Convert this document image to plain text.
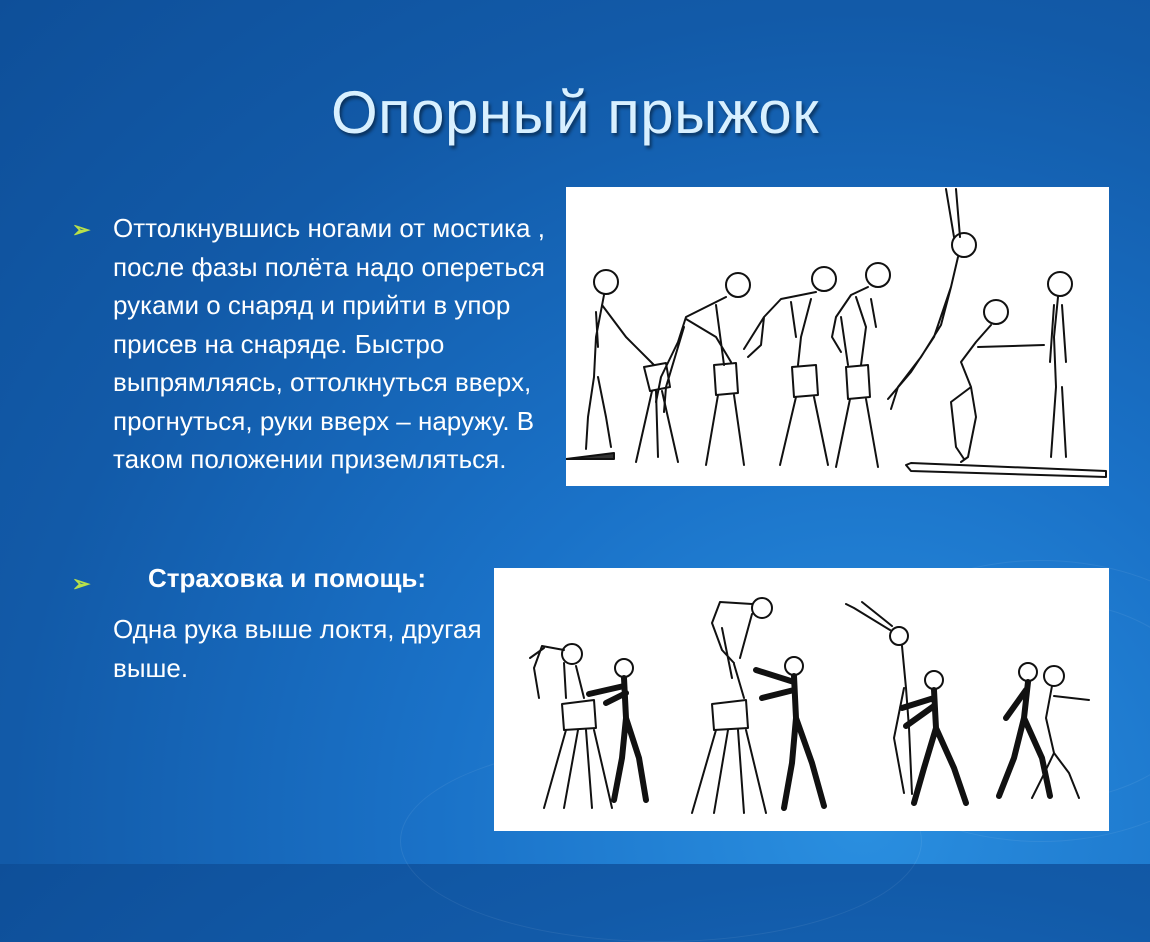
Опорный прыжок
➢ Оттолкнувшись ногами от мостика , после фазы полёта надо опереться руками о снаряд и прийти в упор присев на снаряде. Быстро выпрямляясь, оттолкнуться вверх, прогнуться, руки вверх – наружу. В таком положении приземляться.
➢ Страховка и помощь:
Одна рука выше локтя, другая выше.
